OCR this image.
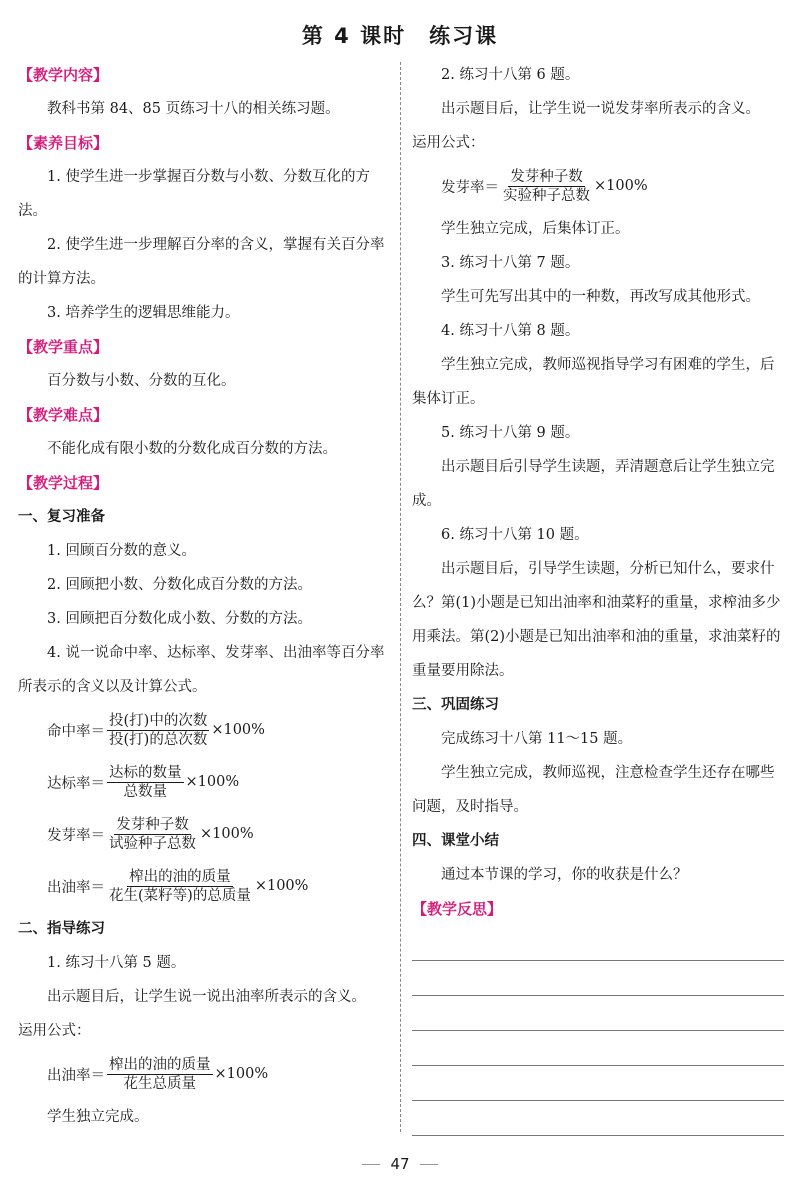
第 4 课时　练习课
【教学内容】

教科书第 84、85 页练习十八的相关练习题。

【素养目标】

1. 使学生进一步掌握百分数与小数、分数互化的方法。

2. 使学生进一步理解百分率的含义，掌握有关百分率的计算方法。

3. 培养学生的逻辑思维能力。

【教学重点】

百分数与小数、分数的互化。

【教学难点】

不能化成有限小数的分数化成百分数的方法。

【教学过程】
一、复习准备

1. 回顾百分数的意义。

2. 回顾把小数、分数化成百分数的方法。

3. 回顾把百分数化成小数、分数的方法。

4. 说一说命中率、达标率、发芽率、出油率等百分率所表示的含义以及计算公式。

命中率＝ $\frac{\text{投(打)中的次数}}{\text{投(打)的总次数}} \times 100\%$
达标率＝ $\frac{\text{达标的数量}}{\text{总数量}} \times 100\%$
发芽率＝ $\frac{\text{发芽种子数}}{\text{试验种子总数}} \times 100\%$
出油率＝ $\frac{\text{榨出的油的质量}}{\text{花生(菜籽等)的总质量}} \times 100\%$
二、指导练习

1. 练习十八第 5 题。

出示题目后，让学生说一说出油率所表示的含义。

运用公式：

出油率＝ $\frac{\text{榨出的油的质量}}{\text{花生总质量}} \times 100\%$

学生独立完成。

2. 练习十八第 6 题。

出示题目后，让学生说一说发芽率所表示的含义。

运用公式：

发芽率＝ $\frac{\text{发芽种子数}}{\text{实验种子总数}} \times 100\%$

学生独立完成，后集体订正。

3. 练习十八第 7 题。

学生可先写出其中的一种数，再改写成其他形式。

4. 练习十八第 8 题。

学生独立完成，教师巡视指导学习有困难的学生，后集体订正。

5. 练习十八第 9 题。

出示题目后引导学生读题，弄清题意后让学生独立完成。

6. 练习十八第 10 题。

出示题目后，引导学生读题，分析已知什么，要求什么？第(1)小题是已知出油率和油菜籽的重量，求榨油多少用乘法。第(2)小题是已知出油率和油的重量，求油菜籽的重量要用除法。

三、巩固练习

完成练习十八第 11～15 题。

学生独立完成，教师巡视，注意检查学生还存在哪些问题，及时指导。

四、课堂小结

通过本节课的学习，你的收获是什么？

【教学反思】
47
